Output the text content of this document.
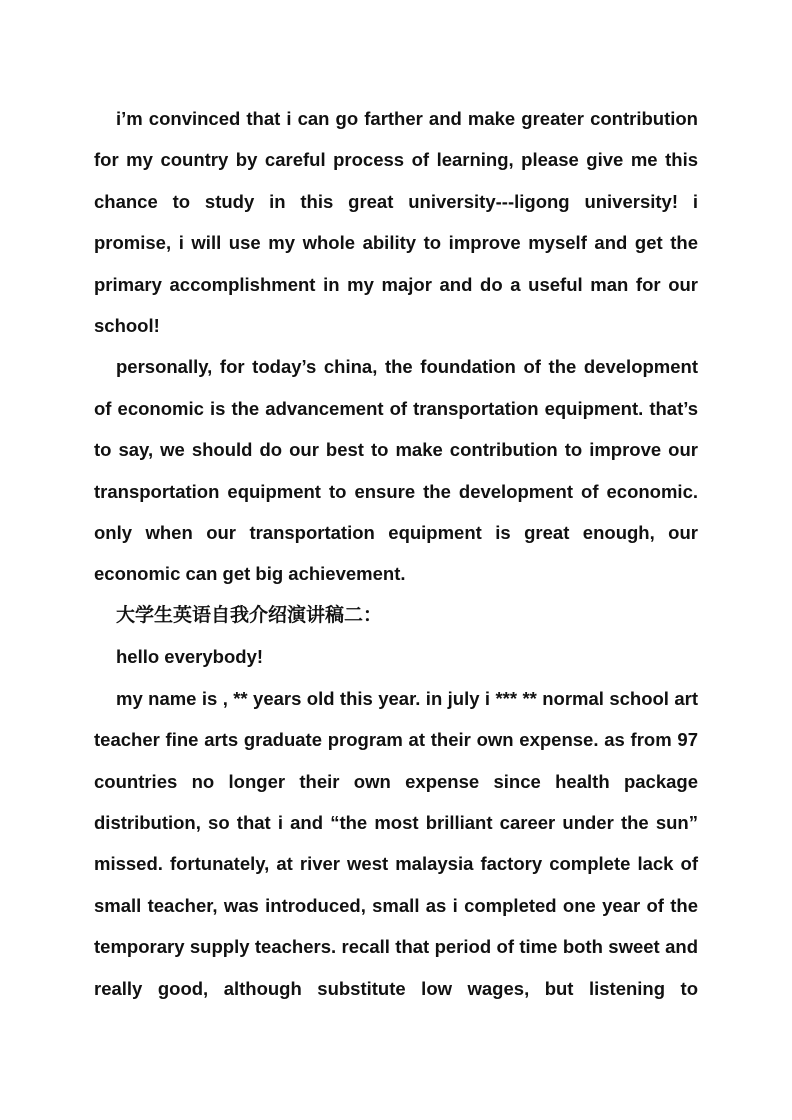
i’m convinced that i can go farther and make greater contribution for my country by careful process of learning, please give me this chance to study in this great university---ligong university! i promise, i will use my whole ability to improve myself and get the primary accomplishment in my major and do a useful man for our school!

personally, for today’s china, the foundation of the development of economic is the advancement of transportation equipment. that’s to say, we should do our best to make contribution to improve our transportation equipment to ensure the development of economic. only when our transportation equipment is great enough, our economic can get big achievement.

大学生英语自我介绍演讲稿二：

hello everybody!

my name is , ** years old this year. in july i *** ** normal school art teacher fine arts graduate program at their own expense. as from 97 countries no longer their own expense since health package distribution, so that i and “the most brilliant career under the sun” missed. fortunately, at river west malaysia factory complete lack of small teacher, was introduced, small as i completed one year of the temporary supply teachers. recall that period of time both sweet and really good, although substitute low wages, but listening to
